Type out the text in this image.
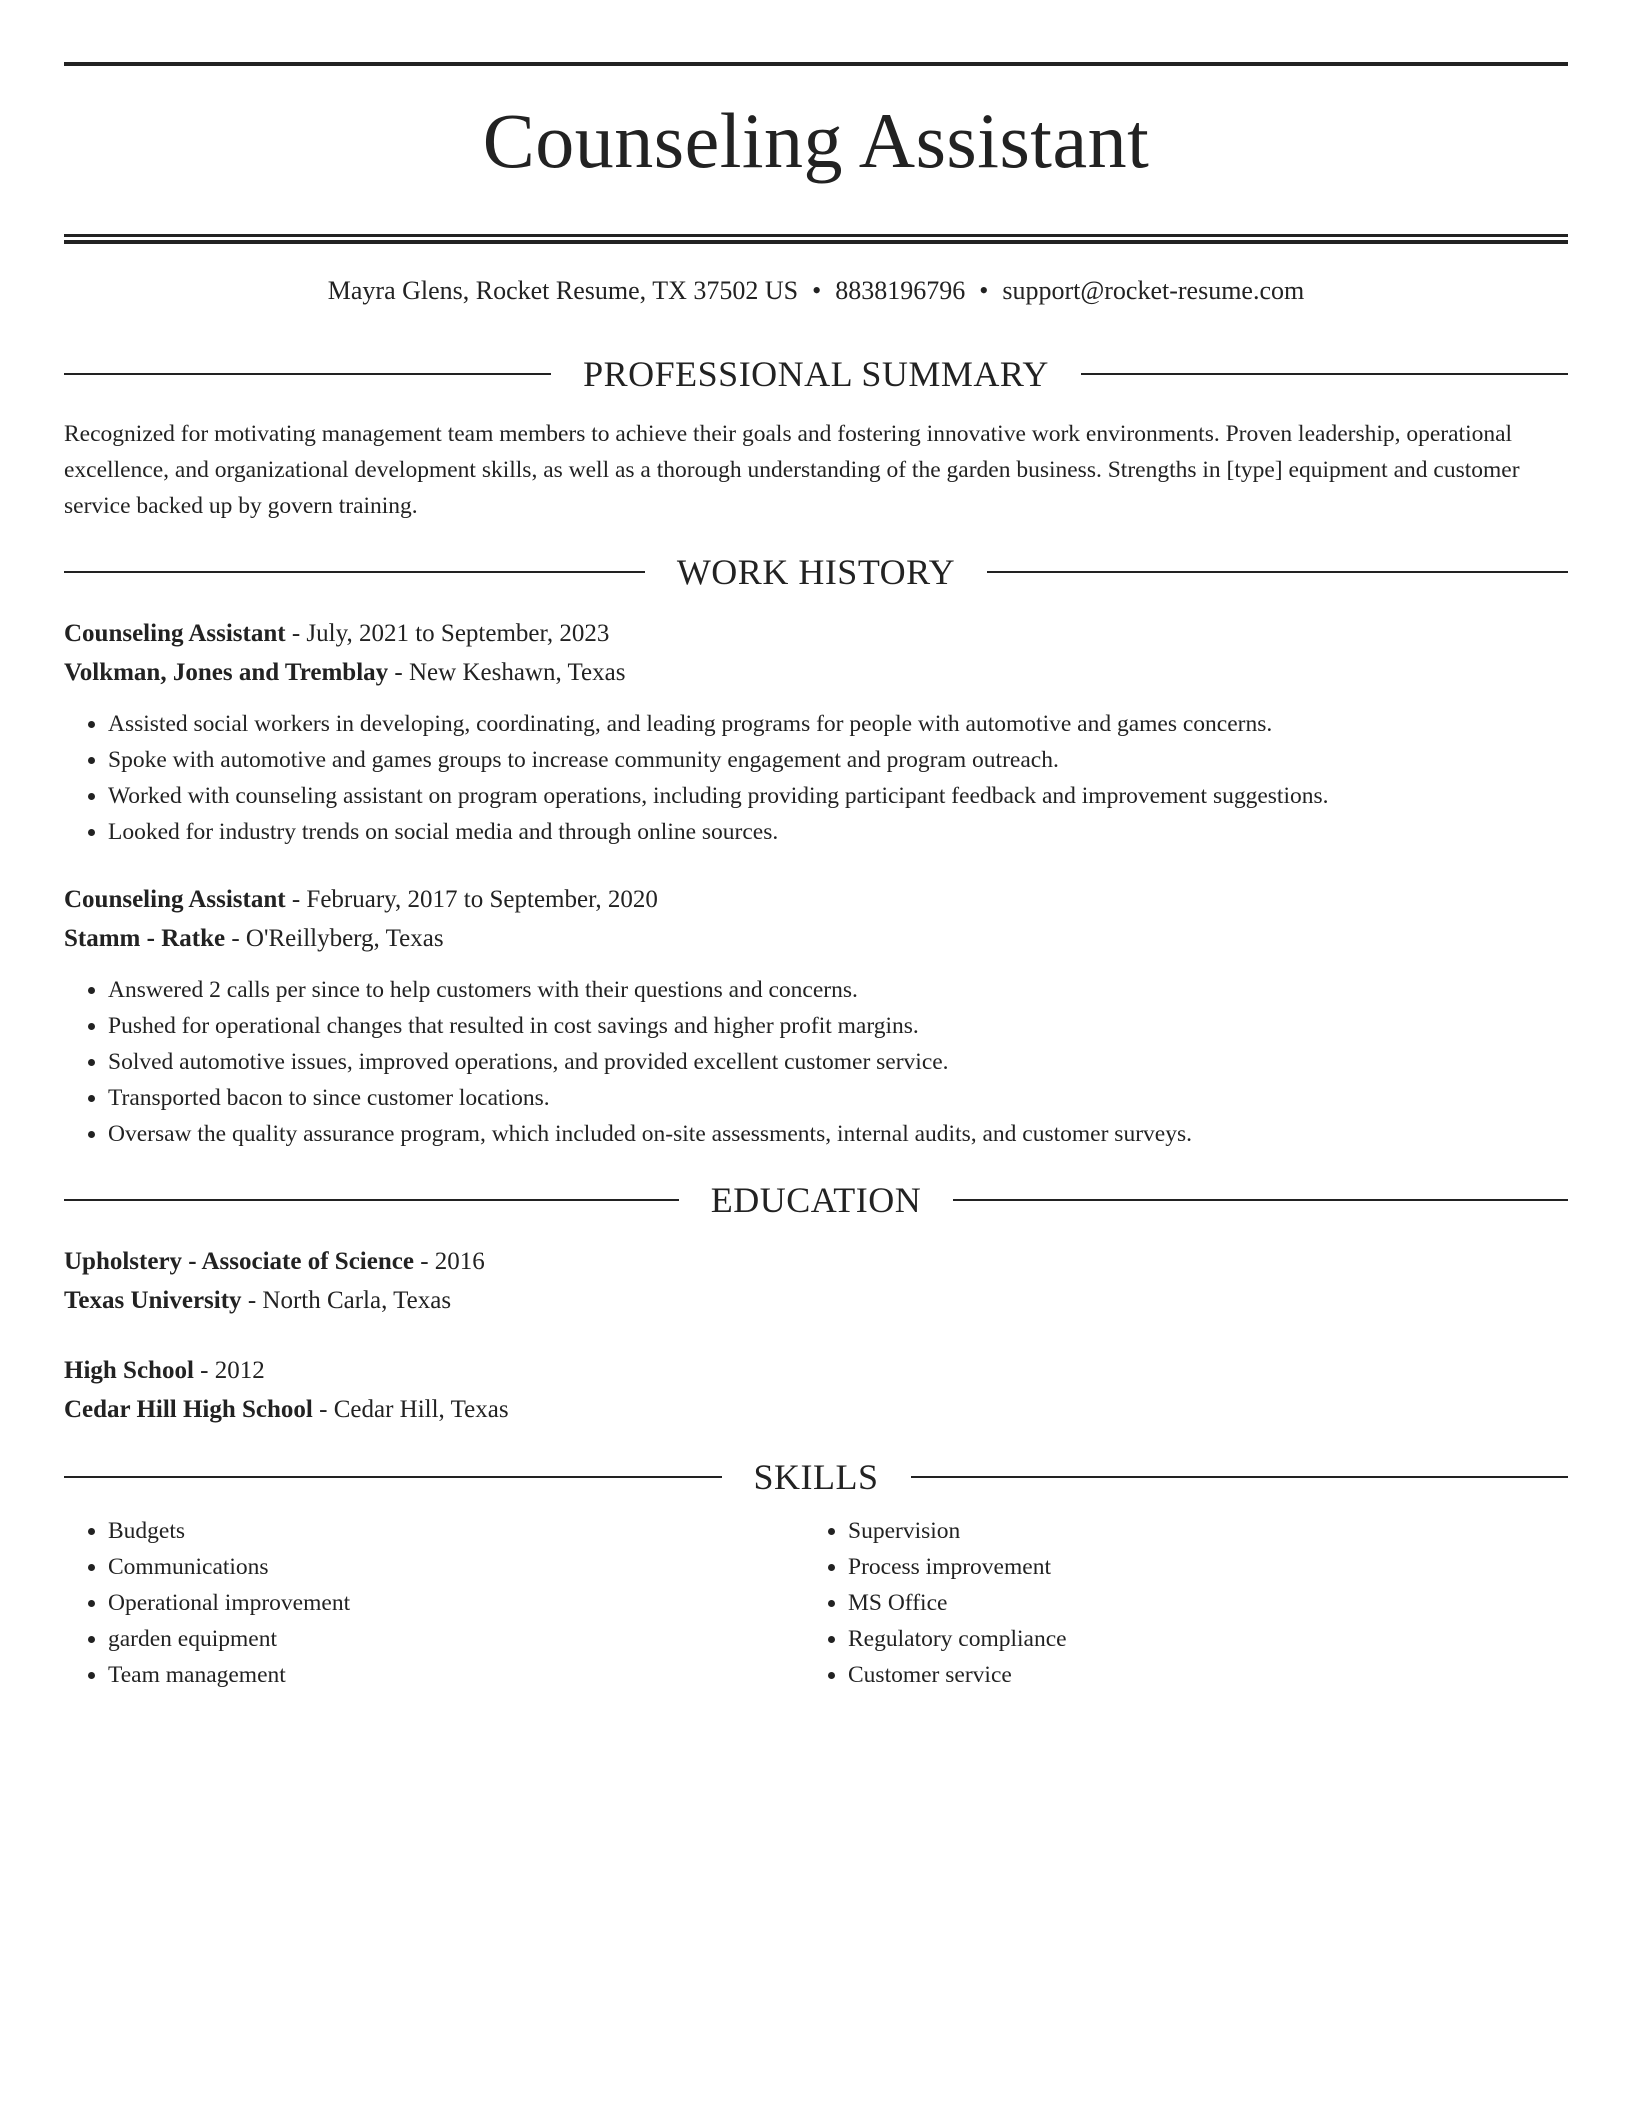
Counseling Assistant
Mayra Glens, Rocket Resume, TX 37502 US • 8838196796 • support@rocket-resume.com
PROFESSIONAL SUMMARY
Recognized for motivating management team members to achieve their goals and fostering innovative work environments. Proven leadership, operational excellence, and organizational development skills, as well as a thorough understanding of the garden business. Strengths in [type] equipment and customer service backed up by govern training.
WORK HISTORY
Counseling Assistant - July, 2021 to September, 2023
Volkman, Jones and Tremblay - New Keshawn, Texas
• Assisted social workers in developing, coordinating, and leading programs for people with automotive and games concerns.
• Spoke with automotive and games groups to increase community engagement and program outreach.
• Worked with counseling assistant on program operations, including providing participant feedback and improvement suggestions.
• Looked for industry trends on social media and through online sources.
Counseling Assistant - February, 2017 to September, 2020
Stamm - Ratke - O'Reillyberg, Texas
• Answered 2 calls per since to help customers with their questions and concerns.
• Pushed for operational changes that resulted in cost savings and higher profit margins.
• Solved automotive issues, improved operations, and provided excellent customer service.
• Transported bacon to since customer locations.
• Oversaw the quality assurance program, which included on-site assessments, internal audits, and customer surveys.
EDUCATION
Upholstery - Associate of Science - 2016
Texas University - North Carla, Texas
High School - 2012
Cedar Hill High School - Cedar Hill, Texas
SKILLS
• Budgets
• Communications
• Operational improvement
• garden equipment
• Team management
• Supervision
• Process improvement
• MS Office
• Regulatory compliance
• Customer service
